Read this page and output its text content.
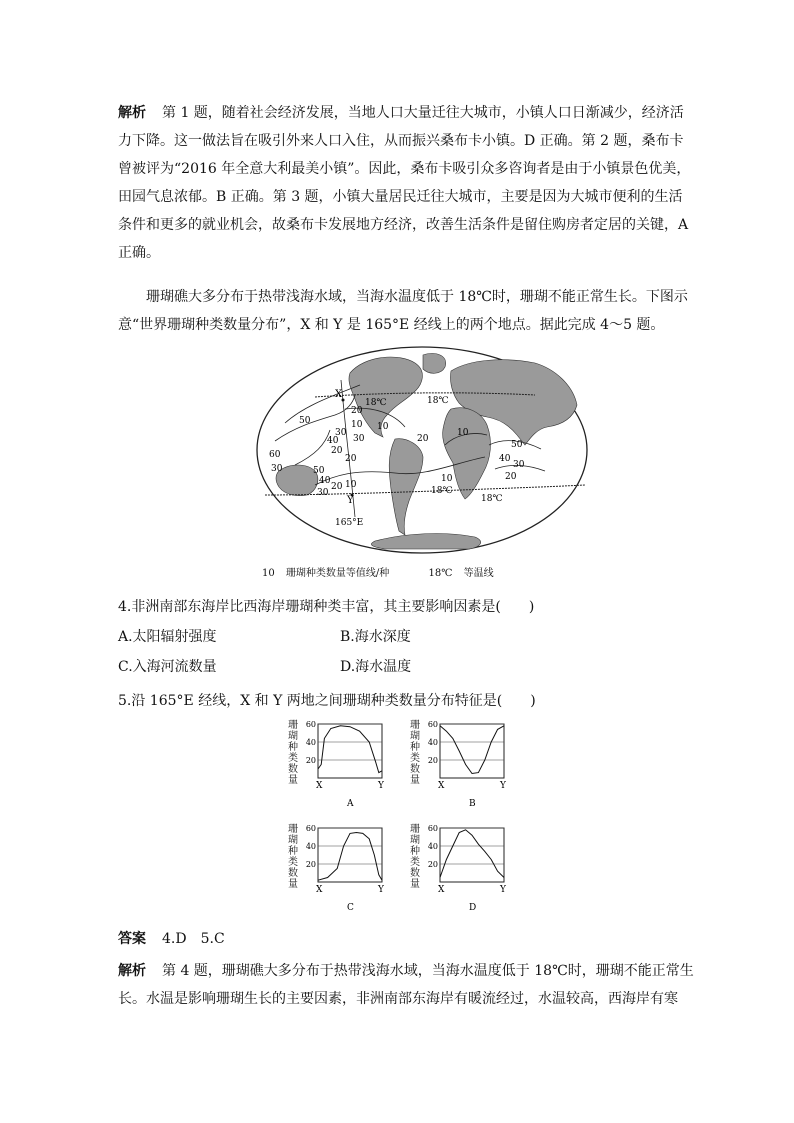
解析 第 1 题，随着社会经济发展，当地人口大量迁往大城市，小镇人口日渐减少，经济活
力下降。这一做法旨在吸引外来人口入住，从而振兴桑布卡小镇。D 正确。第 2 题，桑布卡
曾被评为“2016 年全意大利最美小镇”。因此，桑布卡吸引众多咨询者是由于小镇景色优美，
田园气息浓郁。B 正确。第 3 题，小镇大量居民迁往大城市，主要是因为大城市便利的生活
条件和更多的就业机会，故桑布卡发展地方经济，改善生活条件是留住购房者定居的关键，A
正确。
珊瑚礁大多分布于热带浅海水域，当海水温度低于 18℃时，珊瑚不能正常生长。下图示
意“世界珊瑚种类数量分布”，X 和 Y 是 165°E 经线上的两个地点。据此完成 4～5 题。
X
Y
165°E
18℃	18℃
18℃
18℃
50
20
10
30
40
10
20
60
30	50
40
30
20 10
10
20
10
50
40
30
20
30
20
10 珊瑚种类数量等值线/种	18℃ 等温线
4.非洲南部东海岸比西海岸珊瑚种类丰富，其主要影响因素是(　　)
A.太阳辐射强度	B.海水深度
C.入海河流数量	D.海水温度
5.沿 165°E 经线，X 和 Y 两地之间珊瑚种类数量分布特征是(　　)
珊瑚种类数量
20
40
60
X	Y
A
珊瑚种类数量
20
40
60
X	Y
B
珊瑚种类数量
20
40
60
X	Y
C
珊瑚种类数量
20
40
60
X	Y
D
答案 4.D　5.C
解析 第 4 题，珊瑚礁大多分布于热带浅海水域，当海水温度低于 18℃时，珊瑚不能正常生
长。水温是影响珊瑚生长的主要因素，非洲南部东海岸有暖流经过，水温较高，西海岸有寒
